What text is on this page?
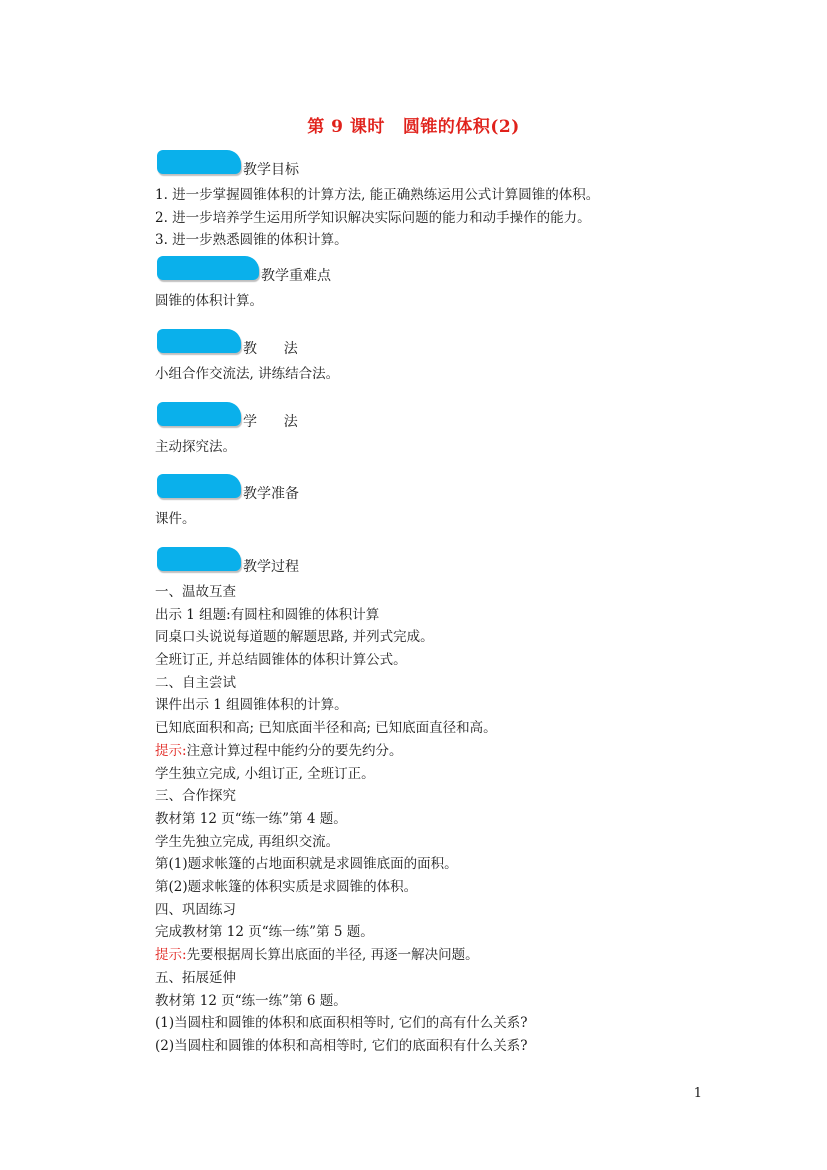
第 9 课时 圆锥的体积(2)
教学目标
1. 进一步掌握圆锥体积的计算方法, 能正确熟练运用公式计算圆锥的体积。
2. 进一步培养学生运用所学知识解决实际问题的能力和动手操作的能力。
3. 进一步熟悉圆锥的体积计算。
教学重难点
圆锥的体积计算。
教      法
小组合作交流法, 讲练结合法。
学      法
主动探究法。
教学准备
课件。
教学过程
一、温故互查
出示 1 组题:有圆柱和圆锥的体积计算
同桌口头说说每道题的解题思路, 并列式完成。
全班订正, 并总结圆锥体的体积计算公式。
二、自主尝试
课件出示 1 组圆锥体积的计算。
已知底面积和高; 已知底面半径和高; 已知底面直径和高。
提示:注意计算过程中能约分的要先约分。
学生独立完成, 小组订正, 全班订正。
三、合作探究
教材第 12 页“练一练”第 4 题。
学生先独立完成, 再组织交流。
第(1)题求帐篷的占地面积就是求圆锥底面的面积。
第(2)题求帐篷的体积实质是求圆锥的体积。
四、巩固练习
完成教材第 12 页“练一练”第 5 题。
提示:先要根据周长算出底面的半径, 再逐一解决问题。
五、拓展延伸
教材第 12 页“练一练”第 6 题。
(1)当圆柱和圆锥的体积和底面积相等时, 它们的高有什么关系?
(2)当圆柱和圆锥的体积和高相等时, 它们的底面积有什么关系?
1
